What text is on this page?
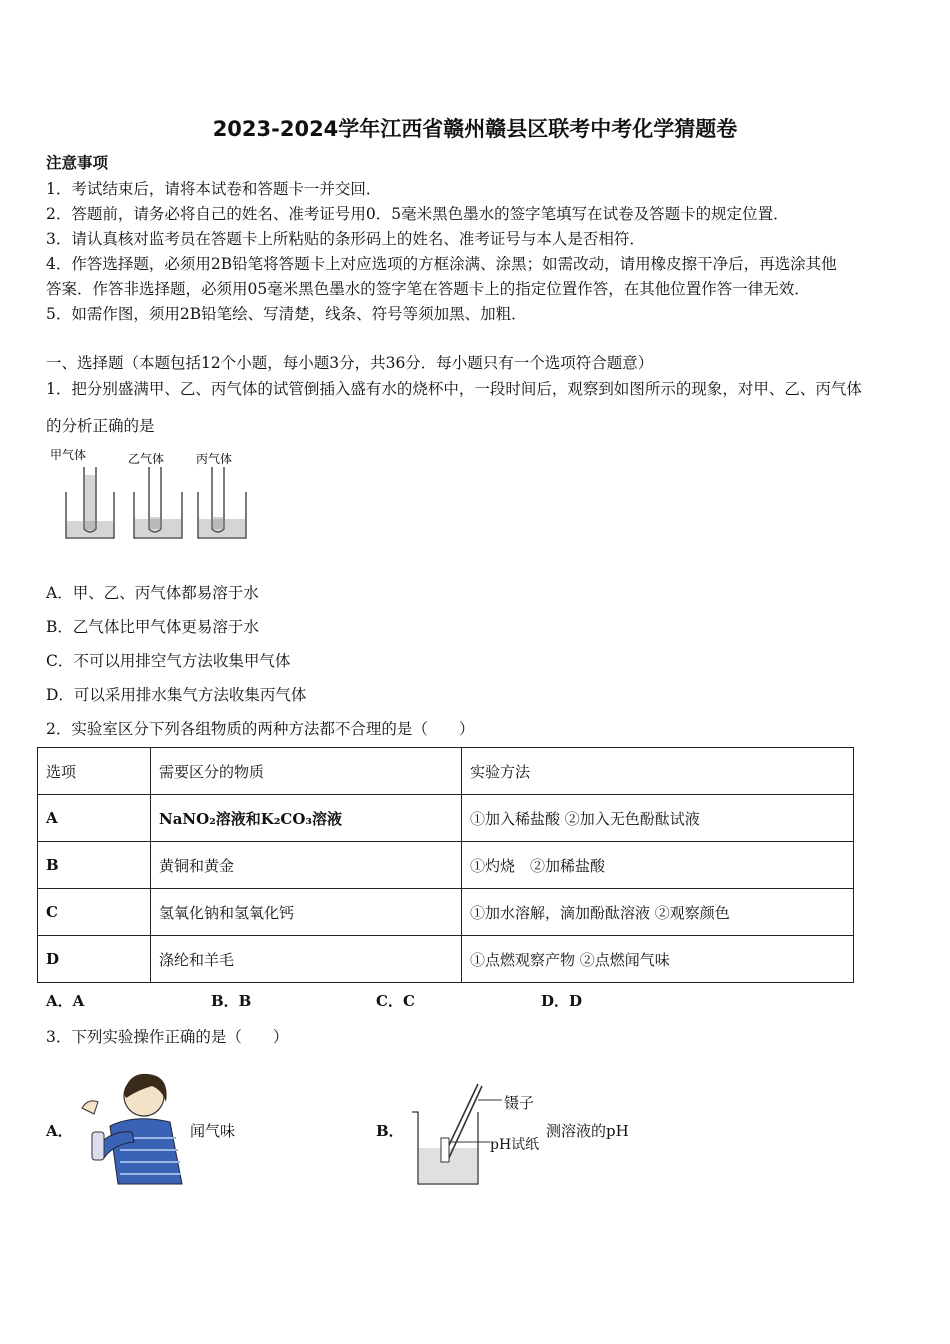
2023-2024学年江西省赣州赣县区联考中考化学猜题卷
注意事项
1．考试结束后，请将本试卷和答题卡一并交回．
2．答题前，请务必将自己的姓名、准考证号用0．5毫米黑色墨水的签字笔填写在试卷及答题卡的规定位置．
3．请认真核对监考员在答题卡上所粘贴的条形码上的姓名、准考证号与本人是否相符．
4．作答选择题，必须用2B铅笔将答题卡上对应选项的方框涂满、涂黑；如需改动，请用橡皮擦干净后，再选涂其他
答案．作答非选择题，必须用05毫米黑色墨水的签字笔在答题卡上的指定位置作答，在其他位置作答一律无效．
5．如需作图，须用2B铅笔绘、写清楚，线条、符号等须加黑、加粗．
一、选择题（本题包括12个小题，每小题3分，共36分．每小题只有一个选项符合题意）
1．把分别盛满甲、乙、丙气体的试管倒插入盛有水的烧杯中，一段时间后，观察到如图所示的现象，对甲、乙、丙气体
的分析正确的是
甲气体	乙气体	丙气体
A．甲、乙、丙气体都易溶于水
B．乙气体比甲气体更易溶于水
C．不可以用排空气方法收集甲气体
D．可以采用排水集气方法收集丙气体
2．实验室区分下列各组物质的两种方法都不合理的是（　　）
选项	需要区分的物质	实验方法
A	NaNO₂溶液和K₂CO₃溶液	①加入稀盐酸 ②加入无色酚酞试液
B	黄铜和黄金	①灼烧　②加稀盐酸
C	氢氧化钠和氢氧化钙	①加水溶解，滴加酚酞溶液 ②观察颜色
D	涤纶和羊毛	①点燃观察产物 ②点燃闻气味
A．A	B．B	C．C	D．D
3．下列实验操作正确的是（　　）
A．	闻气味	B．
镊子
pH试纸
测溶液的pH
